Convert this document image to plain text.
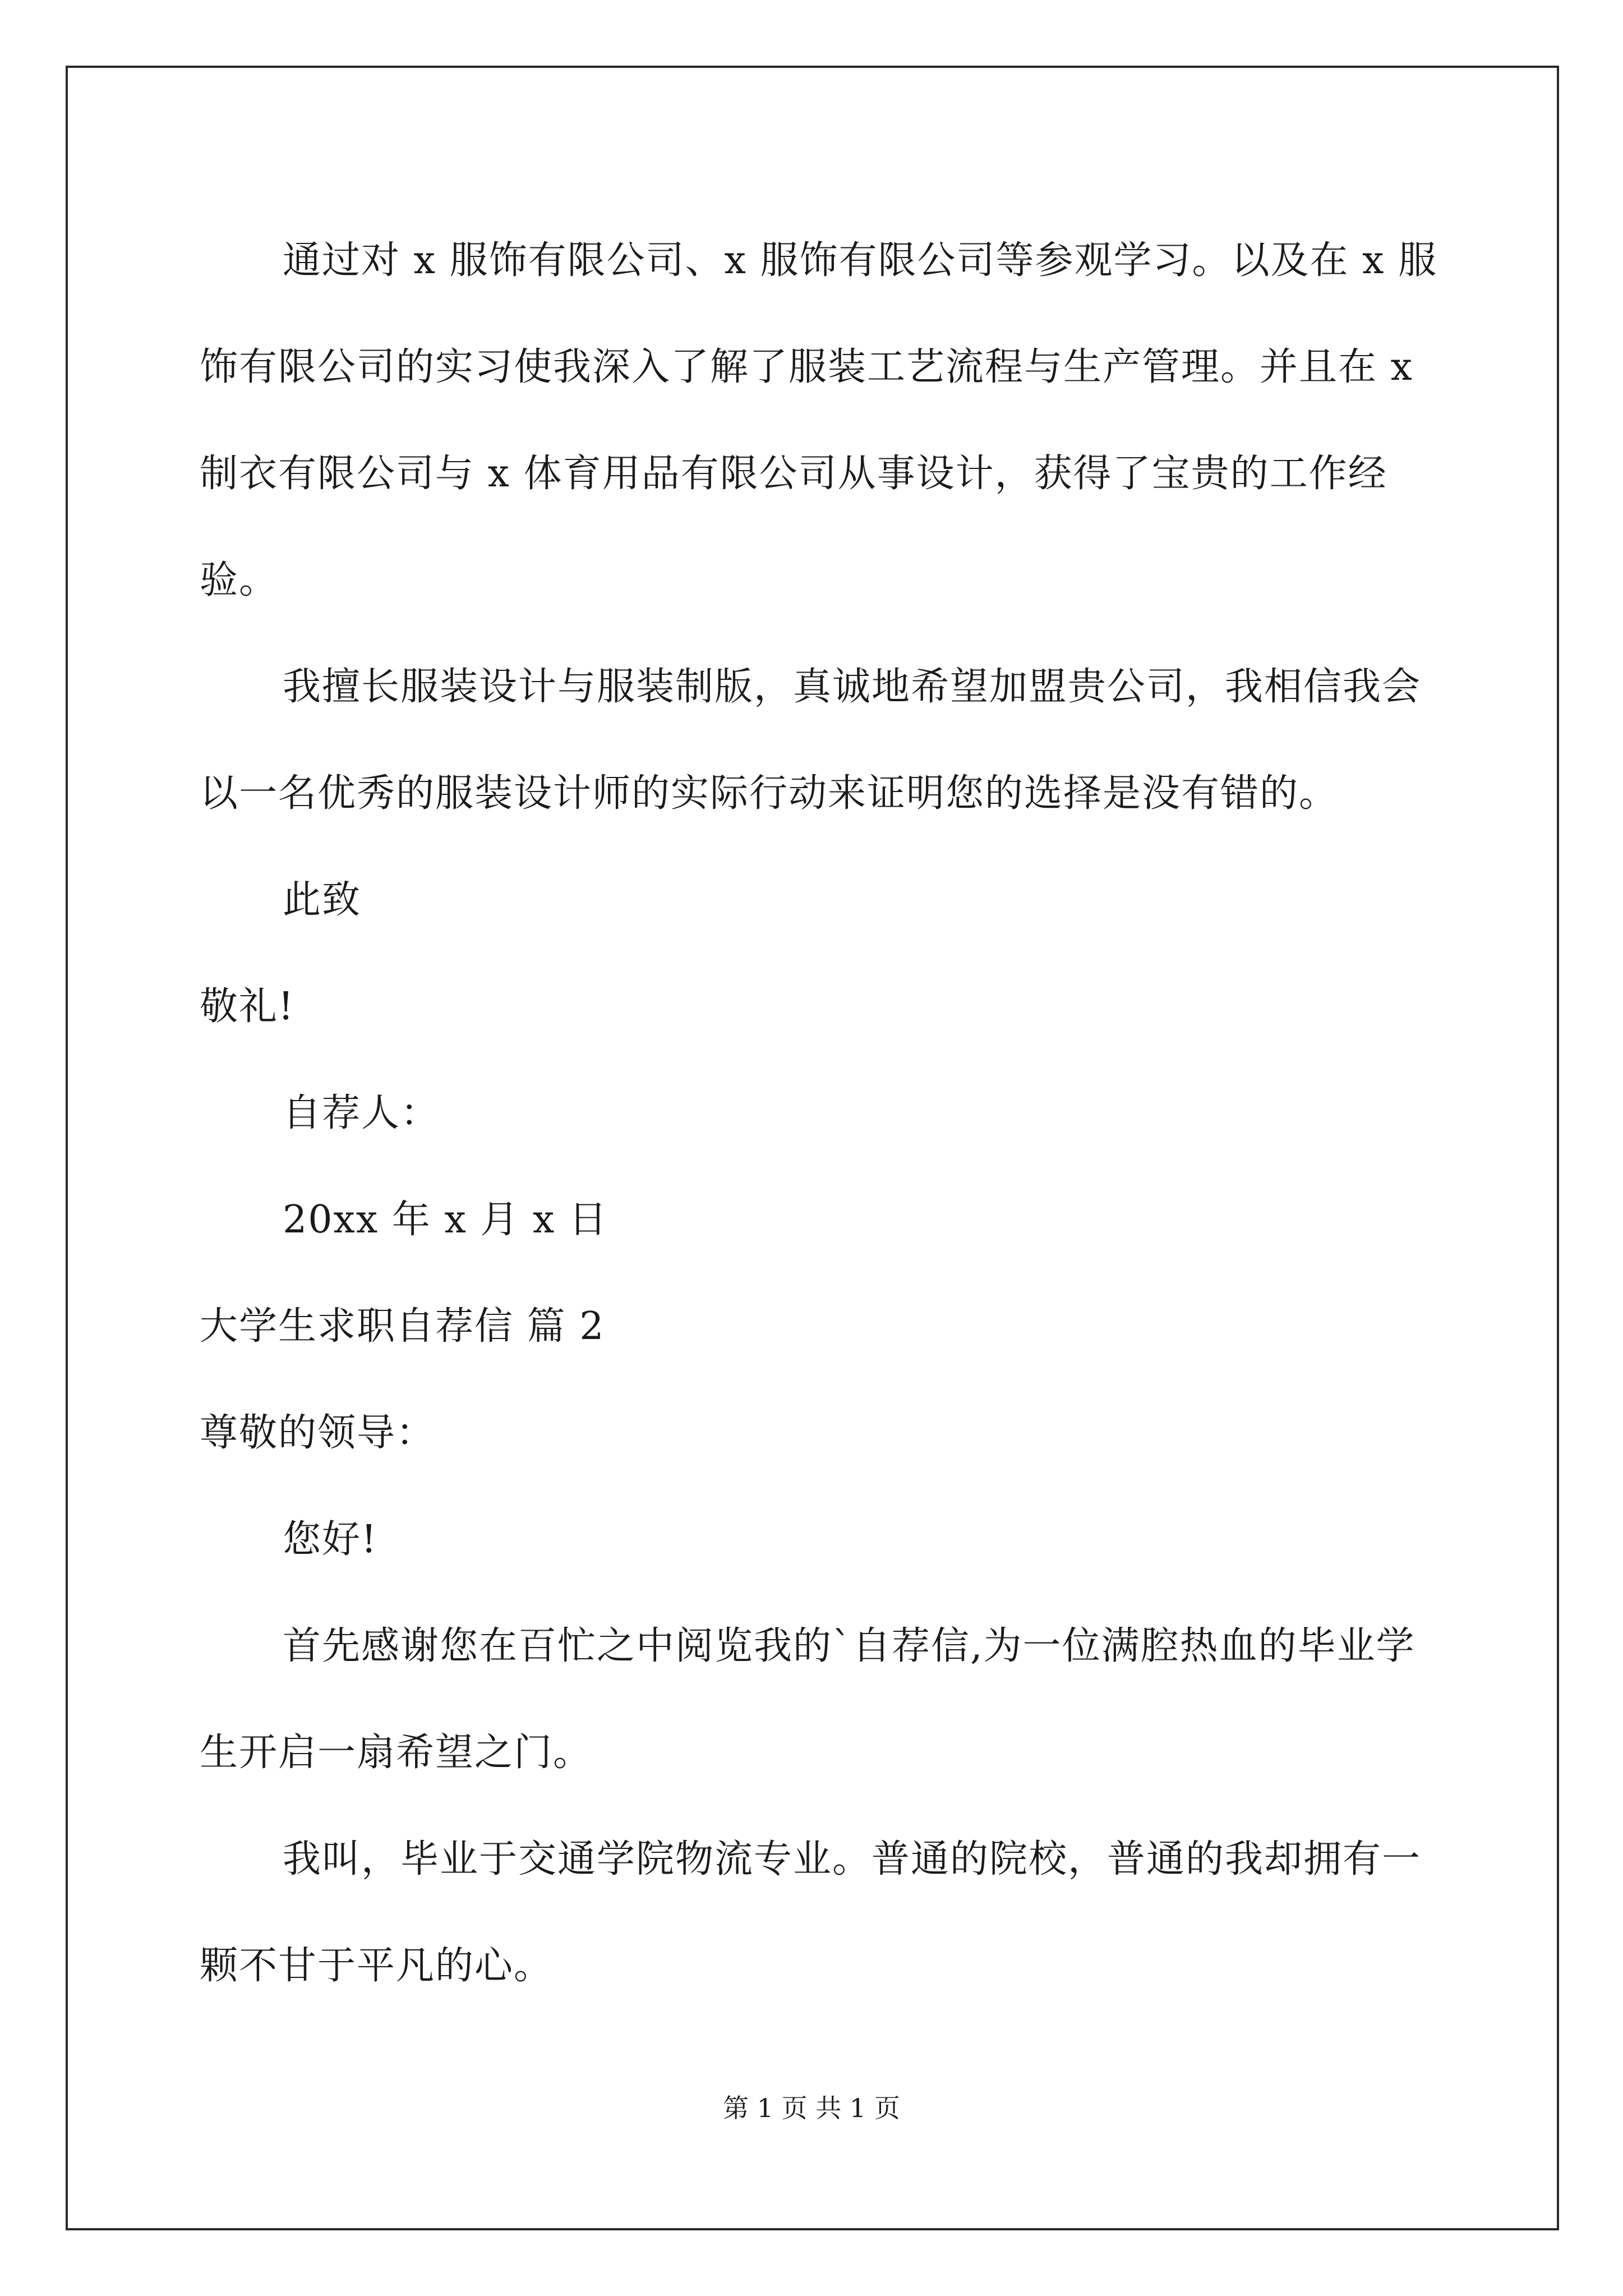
通过对 x 服饰有限公司、x 服饰有限公司等参观学习。以及在 x 服饰有限公司的实习使我深入了解了服装工艺流程与生产管理。并且在 x 制衣有限公司与 x 体育用品有限公司从事设计，获得了宝贵的工作经验。

我擅长服装设计与服装制版，真诚地希望加盟贵公司，我相信我会以一名优秀的服装设计师的实际行动来证明您的选择是没有错的。

此致

敬礼!

自荐人：

20xx 年 x 月 x 日

大学生求职自荐信 篇 2

尊敬的领导：

您好!

首先感谢您在百忙之中阅览我的`自荐信,为一位满腔热血的毕业学生开启一扇希望之门。

我叫，毕业于交通学院物流专业。普通的院校，普通的我却拥有一颗不甘于平凡的心。

第 1 页 共 1 页
